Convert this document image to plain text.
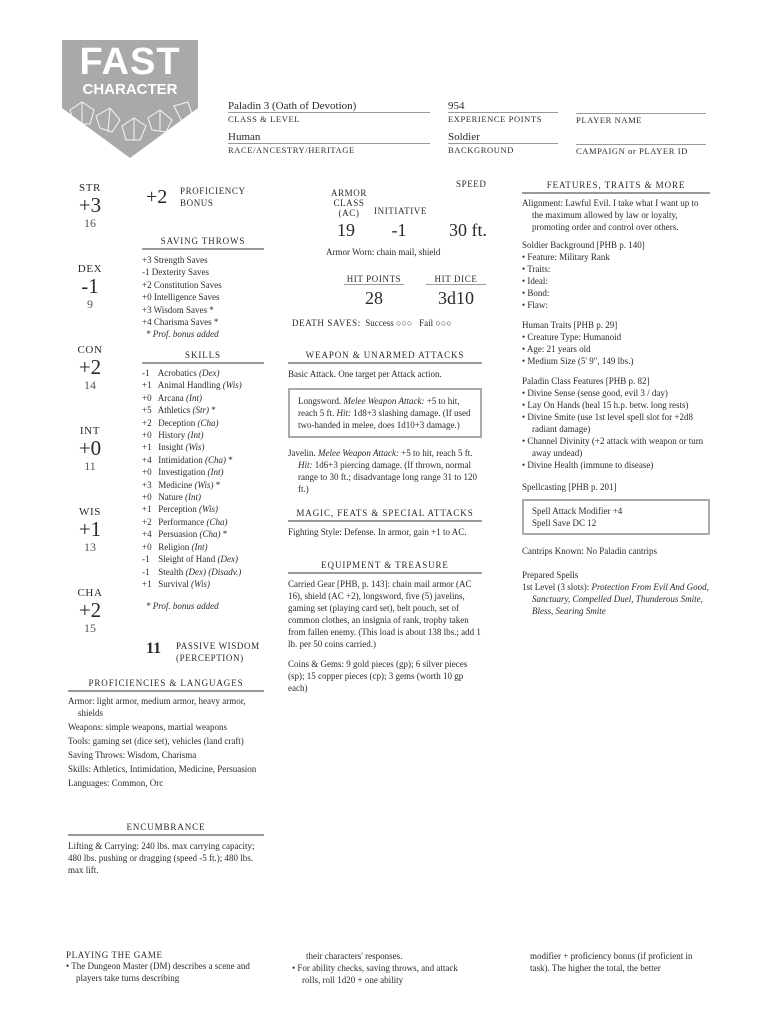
FAST
CHARACTER
Paladin 3 (Oath of Devotion)
CLASS & LEVEL
954
EXPERIENCE POINTS	PLAYER NAME
Human
RACE/ANCESTRY/HERITAGE
Soldier
BACKGROUND	CAMPAIGN or PLAYER ID
STR
+3
16
DEX
-1
9
CON
+2
14
INT
+0
11
WIS
+1
13
CHA
+2
15
+2 PROFICIENCY
BONUS
SAVING THROWS
+3 Strength Saves
-1 Dexterity Saves
+2 Constitution Saves
+0 Intelligence Saves
+3 Wisdom Saves *
+4 Charisma Saves *
* Prof. bonus added
SKILLS
-1 Acrobatics (Dex)
+1 Animal Handling (Wis)
+0 Arcana (Int)
+5 Athletics (Str) *
+2 Deception (Cha)
+0 History (Int)
+1 Insight (Wis)
+4 Intimidation (Cha) *
+0 Investigation (Int)
+3 Medicine (Wis) *
+0 Nature (Int)
+1 Perception (Wis)
+2 Performance (Cha)
+4 Persuasion (Cha) *
+0 Religion (Int)
-1 Sleight of Hand (Dex)
-1 Stealth (Dex) (Disadv.)
+1 Survival (Wis)
* Prof. bonus added
11 PASSIVE WISDOM
(PERCEPTION)
PROFICIENCIES & LANGUAGES
Armor: light armor, medium armor, heavy armor, shields
Weapons: simple weapons, martial weapons
Tools: gaming set (dice set), vehicles (land craft)
Saving Throws: Wisdom, Charisma
Skills: Athletics, Intimidation, Medicine, Persuasion
Languages: Common, Orc
ENCUMBRANCE
Lifting & Carrying: 240 lbs. max carrying capacity; 480 lbs. pushing or dragging (speed -5 ft.); 480 lbs. max lift.
ARMOR CLASS (AC)
19
INITIATIVE
-1
SPEED
30 ft.
Armor Worn: chain mail, shield
HIT POINTS
28
HIT DICE
3d10
DEATH SAVES: Success ○○○ Fail ○○○
WEAPON & UNARMED ATTACKS
Basic Attack. One target per Attack action.
Longsword. Melee Weapon Attack: +5 to hit, reach 5 ft. Hit: 1d8+3 slashing damage. (If used two-handed in melee, does 1d10+3 damage.)
Javelin. Melee Weapon Attack: +5 to hit, reach 5 ft. Hit: 1d6+3 piercing damage. (If thrown, normal range to 30 ft.; disadvantage long range 31 to 120 ft.)
MAGIC, FEATS & SPECIAL ATTACKS
Fighting Style: Defense. In armor, gain +1 to AC.
EQUIPMENT & TREASURE
Carried Gear [PHB, p. 143]: chain mail armor (AC 16), shield (AC +2), longsword, five (5) javelins, gaming set (playing card set), belt pouch, set of common clothes, an insignia of rank, trophy taken from fallen enemy. (This load is about 138 lbs.; add 1 lb. per 50 coins carried.)
Coins & Gems: 9 gold pieces (gp); 6 silver pieces (sp); 15 copper pieces (cp); 3 gems (worth 10 gp each)
FEATURES, TRAITS & MORE
Alignment: Lawful Evil. I take what I want up to the maximum allowed by law or loyalty, promoting order and control over others.
Soldier Background [PHB p. 140]
• Feature: Military Rank
• Traits:
• Ideal:
• Bond:
• Flaw:
Human Traits [PHB p. 29]
• Creature Type: Humanoid
• Age: 21 years old
• Medium Size (5' 9", 149 lbs.)
Paladin Class Features [PHB p. 82]
• Divine Sense (sense good, evil 3 / day)
• Lay On Hands (heal 15 h.p. betw. long rests)
• Divine Smite (use 1st level spell slot for +2d8 radiant damage)
• Channel Divinity (+2 attack with weapon or turn away undead)
• Divine Health (immune to disease)
Spellcasting [PHB p. 201]
Spell Attack Modifier +4
Spell Save DC 12
Cantrips Known: No Paladin cantrips
Prepared Spells
1st Level (3 slots): Protection From Evil And Good, Sanctuary, Compelled Duel, Thunderous Smite, Bless, Searing Smite
PLAYING THE GAME
• The Dungeon Master (DM) describes a scene and players take turns describing
their characters' responses.
• For ability checks, saving throws, and attack rolls, roll 1d20 + one ability
modifier + proficiency bonus (if proficient in task). The higher the total, the better
